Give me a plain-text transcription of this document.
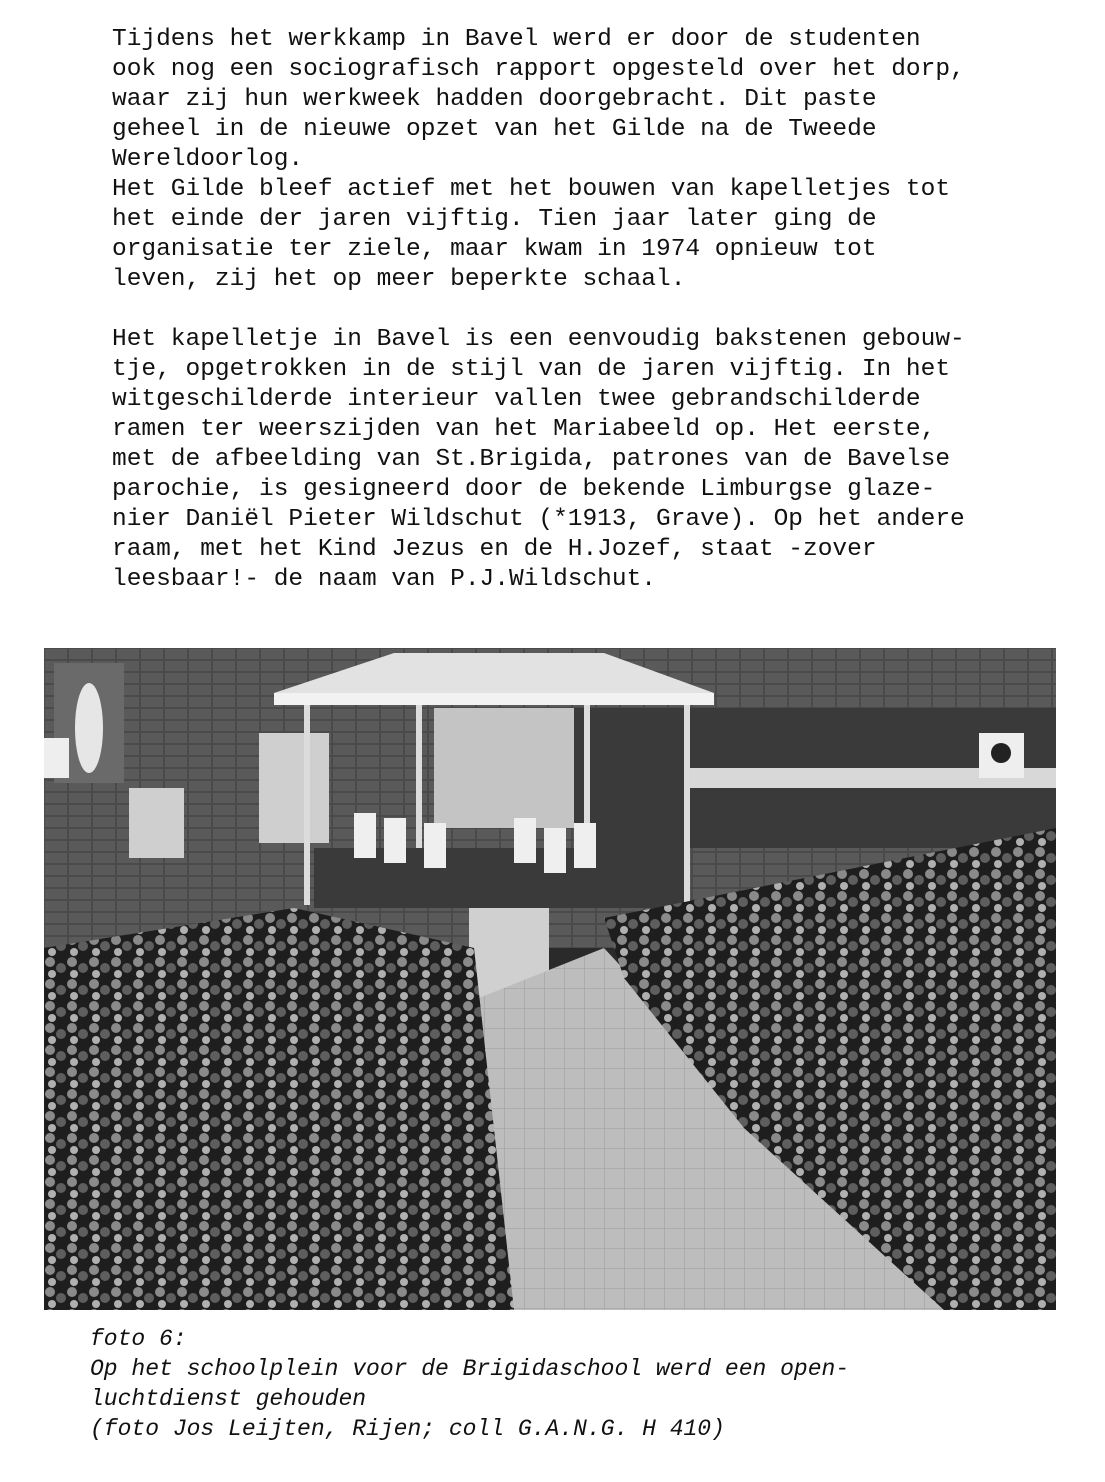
Tijdens het werkkamp in Bavel werd er door de studenten
ook nog een sociografisch rapport opgesteld over het dorp,
waar zij hun werkweek hadden doorgebracht. Dit paste
geheel in de nieuwe opzet van het Gilde na de Tweede
Wereldoorlog.
Het Gilde bleef actief met het bouwen van kapelletjes tot
het einde der jaren vijftig. Tien jaar later ging de
organisatie ter ziele, maar kwam in 1974 opnieuw tot
leven, zij het op meer beperkte schaal.
Het kapelletje in Bavel is een eenvoudig bakstenen gebouw-
tje, opgetrokken in de stijl van de jaren vijftig. In het
witgeschilderde interieur vallen twee gebrandschilderde
ramen ter weerszijden van het Mariabeeld op. Het eerste,
met de afbeelding van St.Brigida, patrones van de Bavelse
parochie, is gesigneerd door de bekende Limburgse glaze-
nier Daniël Pieter Wildschut (*1913, Grave). Op het andere
raam, met het Kind Jezus en de H.Jozef, staat -zover
leesbaar!- de naam van P.J.Wildschut.
foto 6:
Op het schoolplein voor de Brigidaschool werd een open-
luchtdienst gehouden
(foto Jos Leijten, Rijen; coll G.A.N.G. H 410)
